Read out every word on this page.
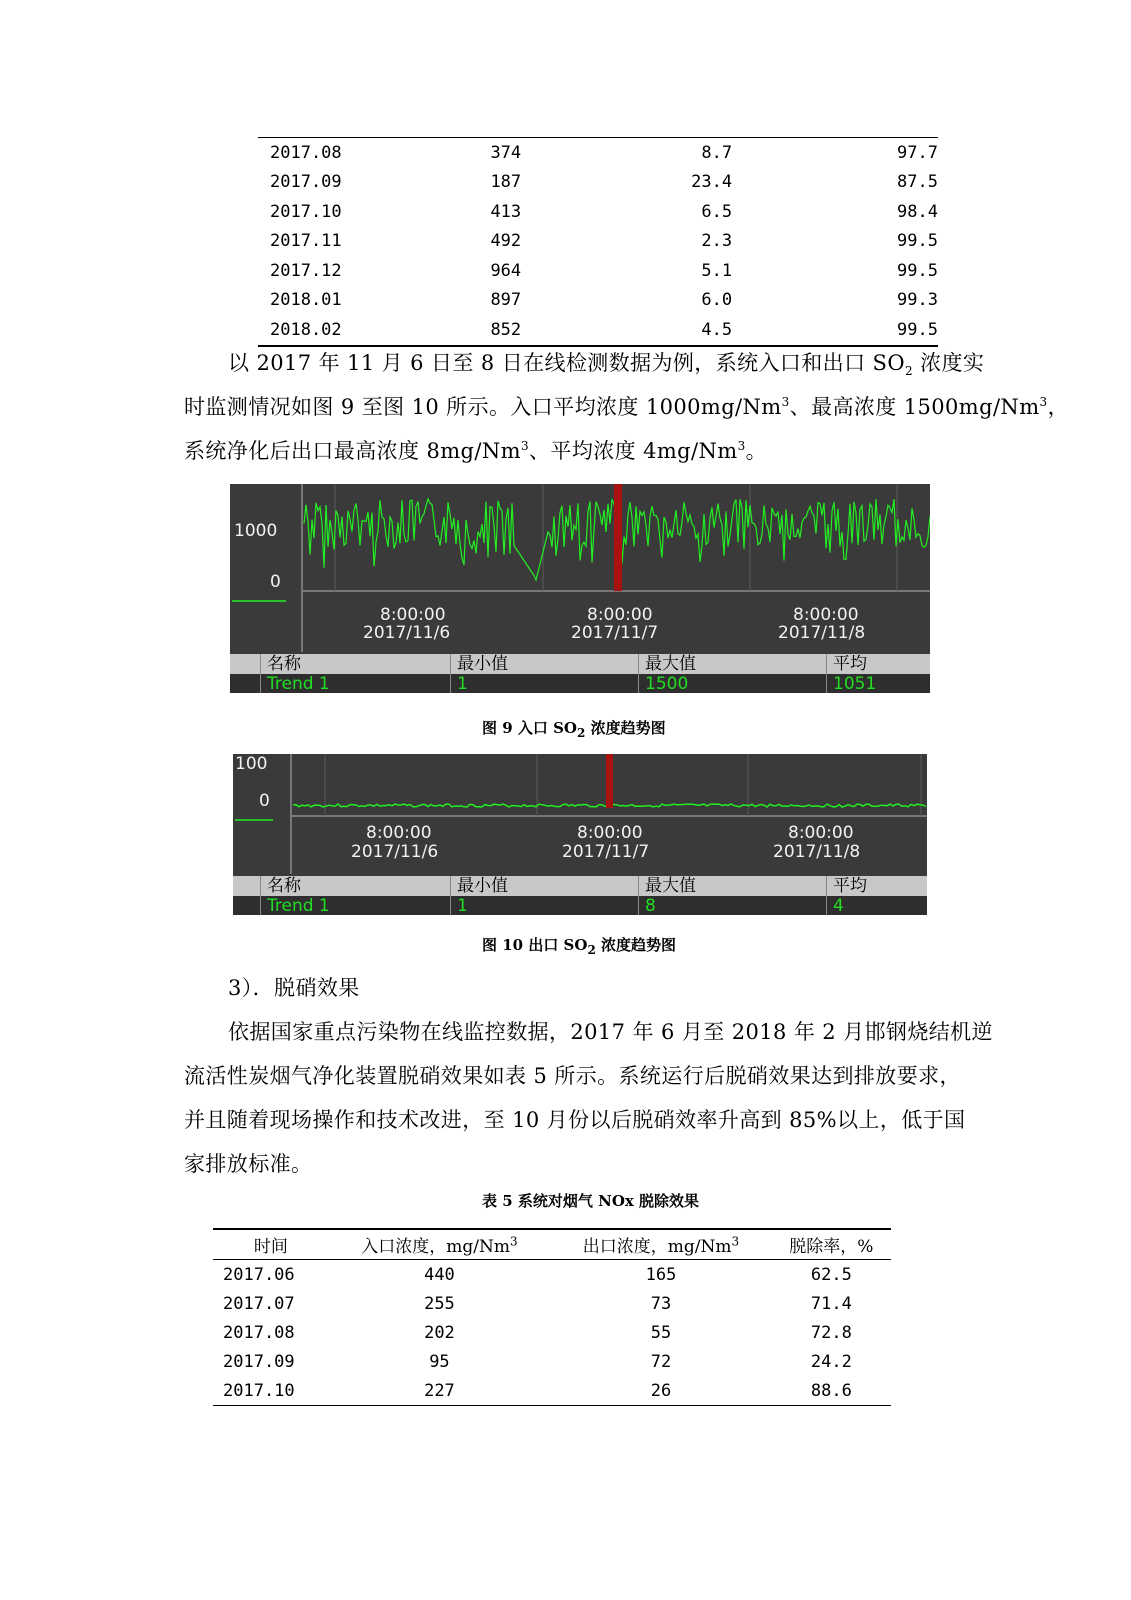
2017.08	374	8.7	97.7
2017.09	187	23.4	87.5
2017.10	413	6.5	98.4
2017.11	492	2.3	99.5
2017.12	964	5.1	99.5
2018.01	897	6.0	99.3
2018.02	852	4.5	99.5
以 2017 年 11 月 6 日至 8 日在线检测数据为例，系统入口和出口 $SO_2$ 浓度实
时监测情况如图 9 至图 10 所示。入口平均浓度 1000mg/Nm$^3$、最高浓度 1500mg/Nm$^3$，
系统净化后出口最高浓度 8mg/Nm$^3$、平均浓度 4mg/Nm$^3$。
1000
0
8:00:00
2017/11/6
8:00:00
2017/11/7
8:00:00
2017/11/8
名称	最小值	最大值	平均
Trend 1	1	1500	1051
图 9 入口 $SO_2$ 浓度趋势图
100
0
8:00:00
2017/11/6
8:00:00
2017/11/7
8:00:00
2017/11/8
名称	最小值	最大值	平均
Trend 1	1	8	4
图 10 出口 $SO_2$ 浓度趋势图
3）．脱硝效果
依据国家重点污染物在线监控数据，2017 年 6 月至 2018 年 2 月邯钢烧结机逆
流活性炭烟气净化装置脱硝效果如表 5 所示。系统运行后脱硝效果达到排放要求，
并且随着现场操作和技术改进，至 10 月份以后脱硝效率升高到 85%以上，低于国
家排放标准。
表 5 系统对烟气 NOx 脱除效果
时间	入口浓度，mg/Nm$^3$	出口浓度，mg/Nm$^3$	脱除率，%
2017.06	440	165	62.5
2017.07	255	73	71.4
2017.08	202	55	72.8
2017.09	95	72	24.2
2017.10	227	26	88.6
